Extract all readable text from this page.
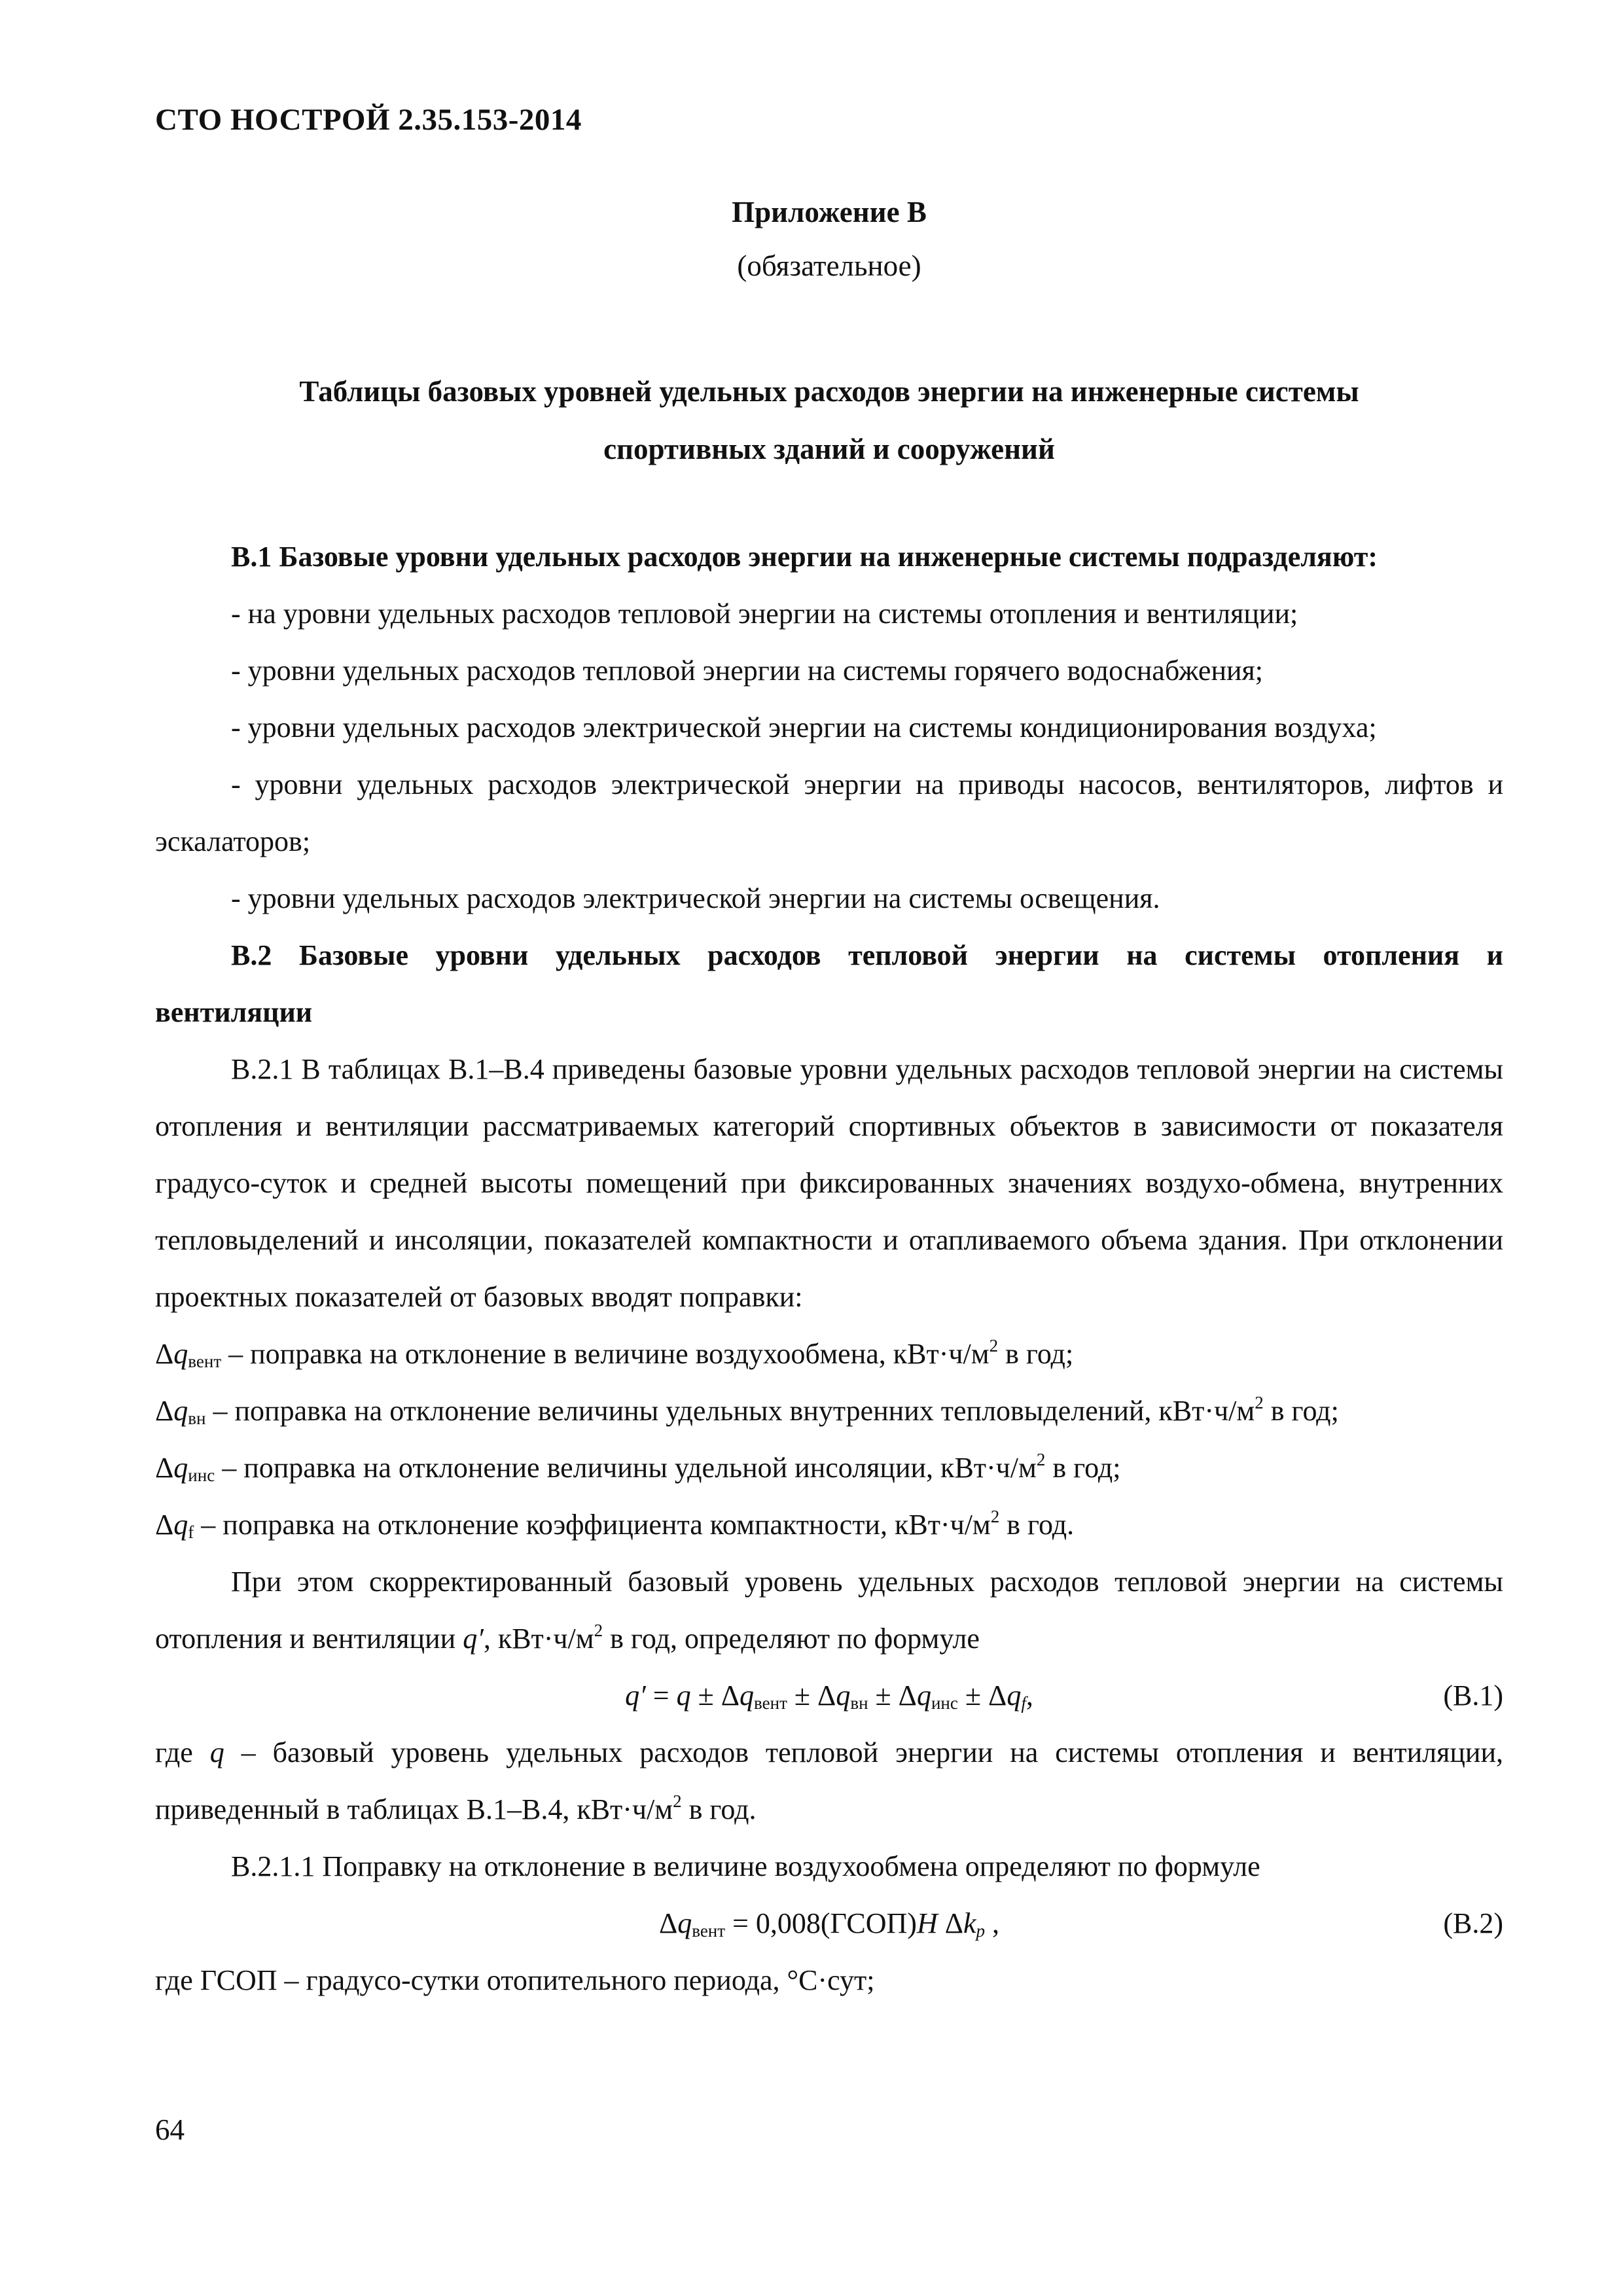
СТО НОСТРОЙ 2.35.153-2014
Приложение В
(обязательное)
Таблицы базовых уровней удельных расходов энергии на инженерные системы
спортивных зданий и сооружений

В.1 Базовые уровни удельных расходов энергии на инженерные системы подразделяют:

- на уровни удельных расходов тепловой энергии на системы отопления и вентиляции;

- уровни удельных расходов тепловой энергии на системы горячего водоснабжения;

- уровни удельных расходов электрической энергии на системы кондиционирования воздуха;

- уровни удельных расходов электрической энергии на приводы насосов, вентиляторов, лифтов и эскалаторов;

- уровни удельных расходов электрической энергии на системы освещения.

В.2 Базовые уровни удельных расходов тепловой энергии на системы отопления и вентиляции

В.2.1 В таблицах В.1–В.4 приведены базовые уровни удельных расходов тепловой энергии на системы отопления и вентиляции рассматриваемых категорий спортивных объектов в зависимости от показателя градусо-суток и средней высоты помещений при фиксированных значениях воздухо-обмена, внутренних тепловыделений и инсоляции, показателей компактности и отапливаемого объема здания. При отклонении проектных показателей от базовых вводят поправки:

$\Delta q_{вент}$ – поправка на отклонение в величине воздухообмена, $кВт\cdot ч/м^2$ в год;

$\Delta q_{вн}$ – поправка на отклонение величины удельных внутренних тепловыделений, $кВт\cdot ч/м^2$ в год;

$\Delta q_{инс}$ – поправка на отклонение величины удельной инсоляции, $кВт\cdot ч/м^2$ в год;

$\Delta q_f$ – поправка на отклонение коэффициента компактности, $кВт\cdot ч/м^2$ в год.

При этом скорректированный базовый уровень удельных расходов тепловой энергии на системы отопления и вентиляции q′, $кВт\cdot ч/м^2$ в год, определяют по формуле

$q' = q \pm \Delta q_{вент} \pm \Delta q_{вн} \pm \Delta q_{инс} \pm \Delta q_f$,	(В.1)

где q – базовый уровень удельных расходов тепловой энергии на системы отопления и вентиляции, приведенный в таблицах В.1–В.4, $кВт\cdot ч/м^2$ в год.

В.2.1.1 Поправку на отклонение в величине воздухообмена определяют по формуле

$\Delta q_{вент}$ = 0,008(ГСОП)H $\Delta k_p$ ,	(В.2)

где ГСОП – градусо-сутки отопительного периода, °С·сут;

64
